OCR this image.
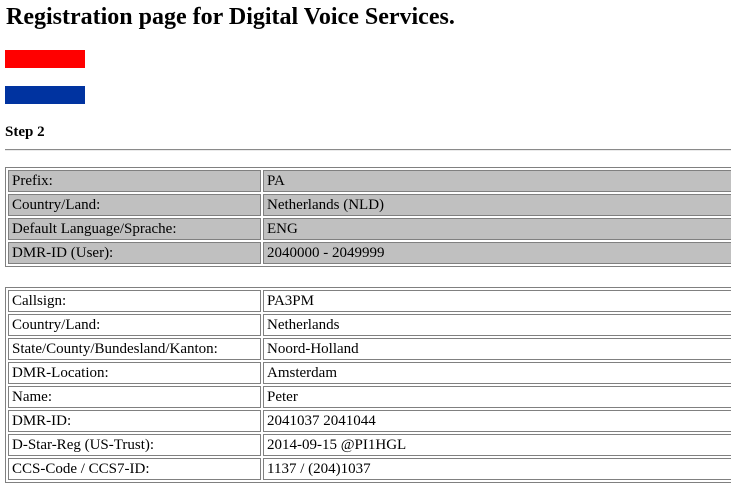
Registration page for Digital Voice Services.
Step 2
Prefix:	PA
Country/Land:	Netherlands (NLD)
Default Language/Sprache:	ENG
DMR-ID (User):	2040000 - 2049999
Callsign:	PA3PM
Country/Land:	Netherlands
State/County/Bundesland/Kanton:	Noord-Holland
DMR-Location:	Amsterdam
Name:	Peter
DMR-ID:	2041037 2041044
D-Star-Reg (US-Trust):	2014-09-15 @PI1HGL
CCS-Code / CCS7-ID:	1137 / (204)1037
